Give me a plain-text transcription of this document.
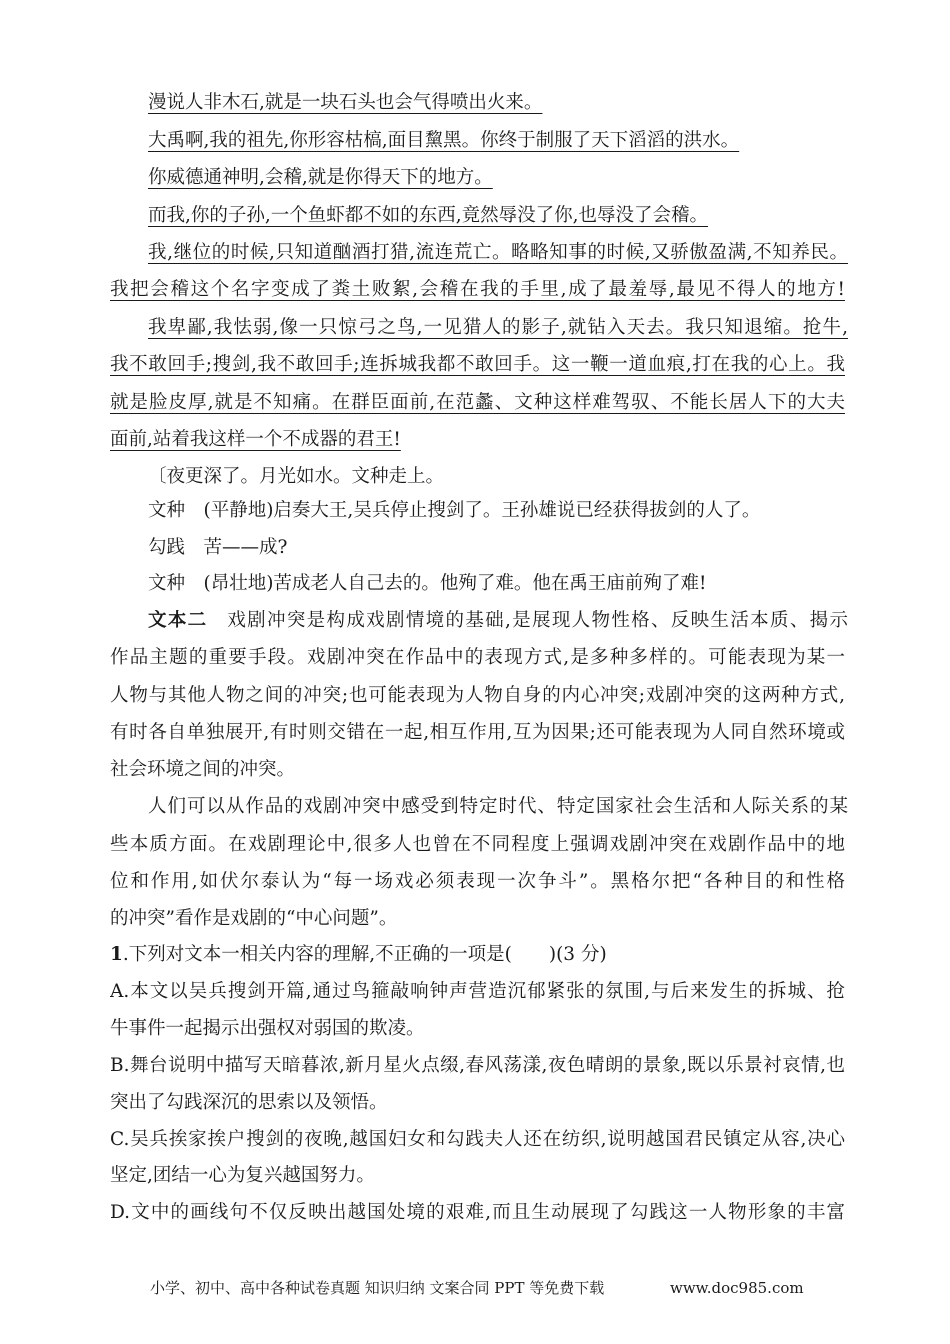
漫说人非木石,就是一块石头也会气得喷出火来。
大禹啊,我的祖先,你形容枯槁,面目黧黑。你终于制服了天下滔滔的洪水。
你威德通神明,会稽,就是你得天下的地方。
而我,你的子孙,一个鱼虾都不如的东西,竟然辱没了你,也辱没了会稽。
我,继位的时候,只知道酗酒打猎,流连荒亡。略略知事的时候,又骄傲盈满,不知养民。
我把会稽这个名字变成了粪土败絮,会稽在我的手里,成了最羞辱,最见不得人的地方!
我卑鄙,我怯弱,像一只惊弓之鸟,一见猎人的影子,就钻入天去。我只知退缩。抢牛,
我不敢回手;搜剑,我不敢回手;连拆城我都不敢回手。这一鞭一道血痕,打在我的心上。我
就是脸皮厚,就是不知痛。在群臣面前,在范蠡、文种这样难驾驭、不能长居人下的大夫
面前,站着我这样一个不成器的君王!
〔夜更深了。月光如水。文种走上。
文种　(平静地)启奏大王,吴兵停止搜剑了。王孙雄说已经获得拔剑的人了。
勾践　苦——成?
文种　(昂壮地)苦成老人自己去的。他殉了难。他在禹王庙前殉了难!
文本二　 戏剧冲突是构成戏剧情境的基础,是展现人物性格、反映生活本质、揭示
作品主题的重要手段。戏剧冲突在作品中的表现方式,是多种多样的。可能表现为某一
人物与其他人物之间的冲突;也可能表现为人物自身的内心冲突;戏剧冲突的这两种方式,
有时各自单独展开,有时则交错在一起,相互作用,互为因果;还可能表现为人同自然环境或
社会环境之间的冲突。
人们可以从作品的戏剧冲突中感受到特定时代、特定国家社会生活和人际关系的某
些本质方面。在戏剧理论中,很多人也曾在不同程度上强调戏剧冲突在戏剧作品中的地
位和作用,如伏尔泰认为“每一场戏必须表现一次争斗”。黑格尔把“各种目的和性格
的冲突”看作是戏剧的“中心问题”。
1.下列对文本一相关内容的理解,不正确的一项是(　　)(3 分)
A.本文以吴兵搜剑开篇,通过鸟箍敲响钟声营造沉郁紧张的氛围,与后来发生的拆城、抢
牛事件一起揭示出强权对弱国的欺凌。
B.舞台说明中描写天暗暮浓,新月星火点缀,春风荡漾,夜色晴朗的景象,既以乐景衬哀情,也
突出了勾践深沉的思索以及领悟。
C.吴兵挨家挨户搜剑的夜晚,越国妇女和勾践夫人还在纺织,说明越国君民镇定从容,决心
坚定,团结一心为复兴越国努力。
D.文中的画线句不仅反映出越国处境的艰难,而且生动展现了勾践这一人物形象的丰富
小学、初中、高中各种试卷真题 知识归纳 文案合同 PPT 等免费下载	www.doc985.com
